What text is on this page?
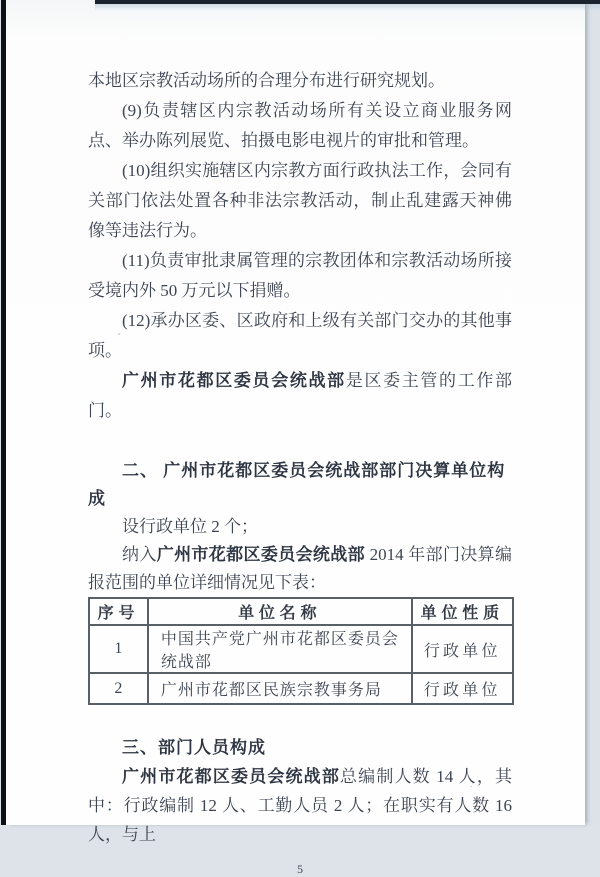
本地区宗教活动场所的合理分布进行研究规划。

(9)负责辖区内宗教活动场所有关设立商业服务网点、举办陈列展览、拍摄电影电视片的审批和管理。

(10)组织实施辖区内宗教方面行政执法工作，会同有关部门依法处置各种非法宗教活动，制止乱建露天神佛像等违法行为。

(11)负责审批隶属管理的宗教团体和宗教活动场所接受境内外 50 万元以下捐赠。

(12)承办区委、区政府和上级有关部门交办的其他事项。

广州市花都区委员会统战部是区委主管的工作部门。

二、 广州市花都区委员会统战部部门决算单位构成

设行政单位 2 个；

纳入广州市花都区委员会统战部 2014 年部门决算编报范围的单位详细情况见下表：

序号	单位名称	单位性质
1	中国共产党广州市花都区委员会统战部	行政单位
2	广州市花都区民族宗教事务局	行政单位
三、部门人员构成

广州市花都区委员会统战部总编制人数 14 人，其中：行政编制 12 人、工勤人员 2 人；在职实有人数 16 人，与上

5
